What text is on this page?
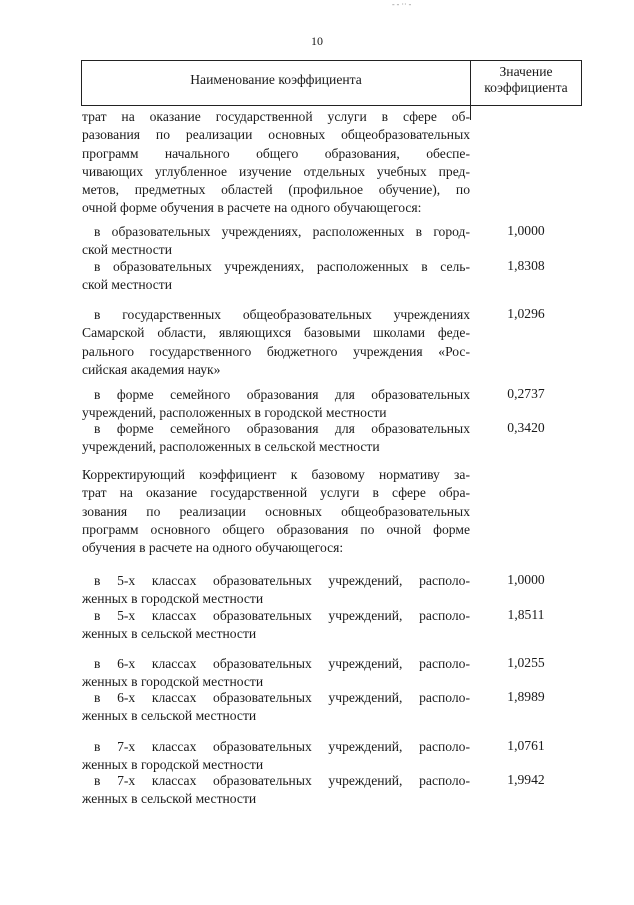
- - ·· -
10
Наименование коэффициента
Значение
коэффициента
трат на оказание государственной услуги в сфере об-
разования по реализации основных общеобразовательных
программ начального общего образования, обеспе-
чивающих углубленное изучение отдельных учебных пред-
метов, предметных областей (профильное обучение), по
очной форме обучения в расчете на одного обучающегося:
в образовательных учреждениях, расположенных в город-
ской местности
1,0000
в образовательных учреждениях, расположенных в сель-
ской местности
1,8308
в государственных общеобразовательных учреждениях
Самарской области, являющихся базовыми школами феде-
рального государственного бюджетного учреждения «Рос-
сийская академия наук»
1,0296
в форме семейного образования для образовательных
учреждений, расположенных в городской местности
0,2737
в форме семейного образования для образовательных
учреждений, расположенных в сельской местности
0,3420
Корректирующий коэффициент к базовому нормативу за-
трат на оказание государственной услуги в сфере обра-
зования по реализации основных общеобразовательных
программ основного общего образования по очной форме
обучения в расчете на одного обучающегося:
в 5-х классах образовательных учреждений, располо-
женных в городской местности
1,0000
в 5-х классах образовательных учреждений, располо-
женных в сельской местности
1,8511
в 6-х классах образовательных учреждений, располо-
женных в городской местности
1,0255
в 6-х классах образовательных учреждений, располо-
женных в сельской местности
1,8989
в 7-х классах образовательных учреждений, располо-
женных в городской местности
1,0761
в 7-х классах образовательных учреждений, располо-
женных в сельской местности
1,9942
